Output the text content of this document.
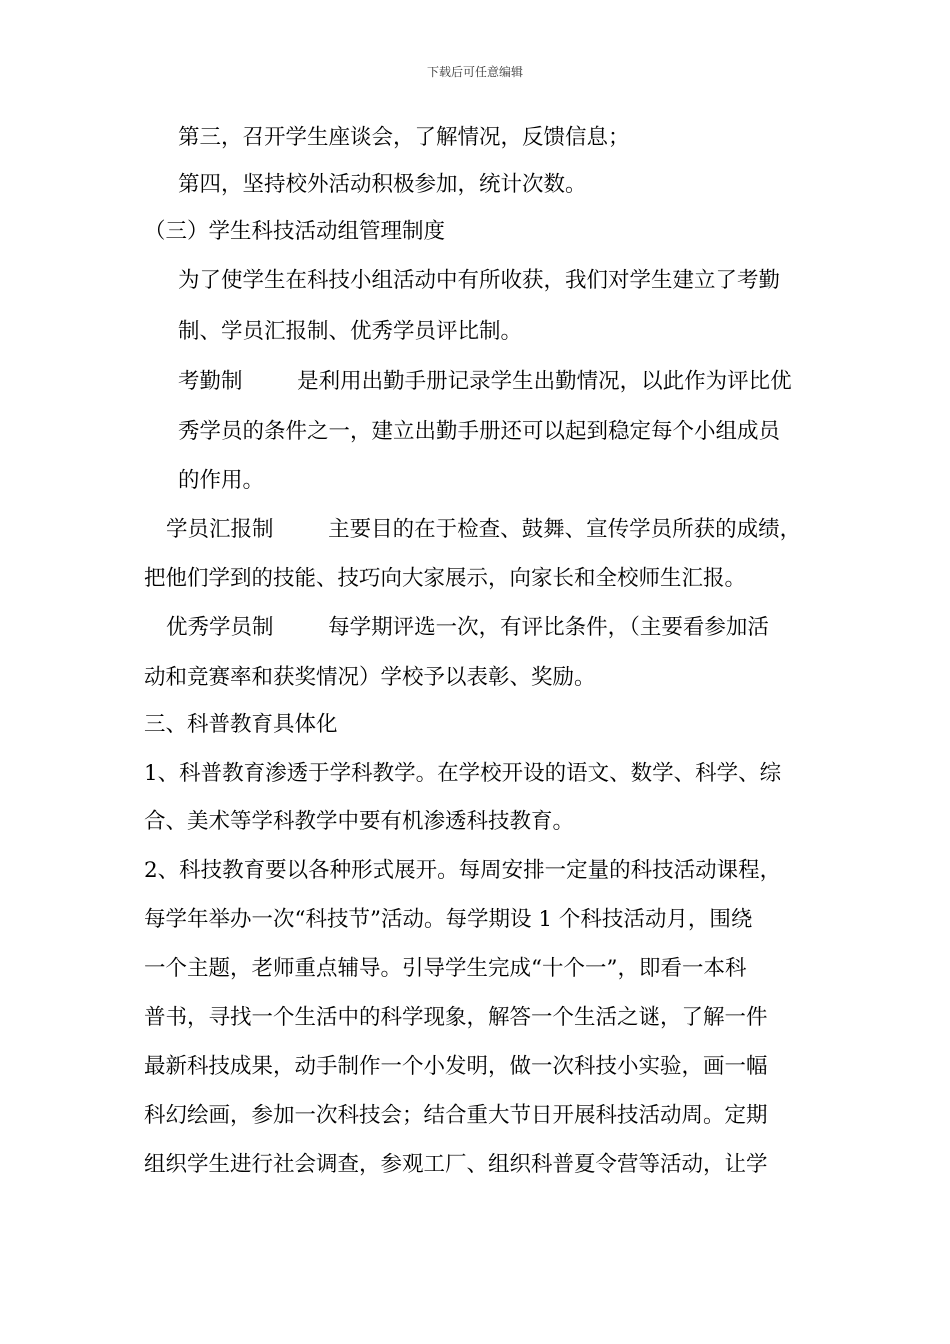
下载后可任意编辑
第三，召开学生座谈会，了解情况，反馈信息；
第四，坚持校外活动积极参加，统计次数。
（三）学生科技活动组管理制度
为了使学生在科技小组活动中有所收获，我们对学生建立了考勤
制、学员汇报制、优秀学员评比制。
考勤制        是利用出勤手册记录学生出勤情况，以此作为评比优
秀学员的条件之一，建立出勤手册还可以起到稳定每个小组成员
的作用。
学员汇报制        主要目的在于检查、鼓舞、宣传学员所获的成绩，
把他们学到的技能、技巧向大家展示，向家长和全校师生汇报。
优秀学员制        每学期评选一次，有评比条件，（主要看参加活
动和竞赛率和获奖情况）学校予以表彰、奖励。
三、科普教育具体化
1、科普教育渗透于学科教学。在学校开设的语文、数学、科学、综
合、美术等学科教学中要有机渗透科技教育。
2、科技教育要以各种形式展开。每周安排一定量的科技活动课程，
每学年举办一次“科技节”活动。每学期设 1 个科技活动月，围绕
一个主题，老师重点辅导。引导学生完成“十个一”，即看一本科
普书，寻找一个生活中的科学现象，解答一个生活之谜，了解一件
最新科技成果，动手制作一个小发明，做一次科技小实验，画一幅
科幻绘画，参加一次科技会；结合重大节日开展科技活动周。定期
组织学生进行社会调查，参观工厂、组织科普夏令营等活动，让学
